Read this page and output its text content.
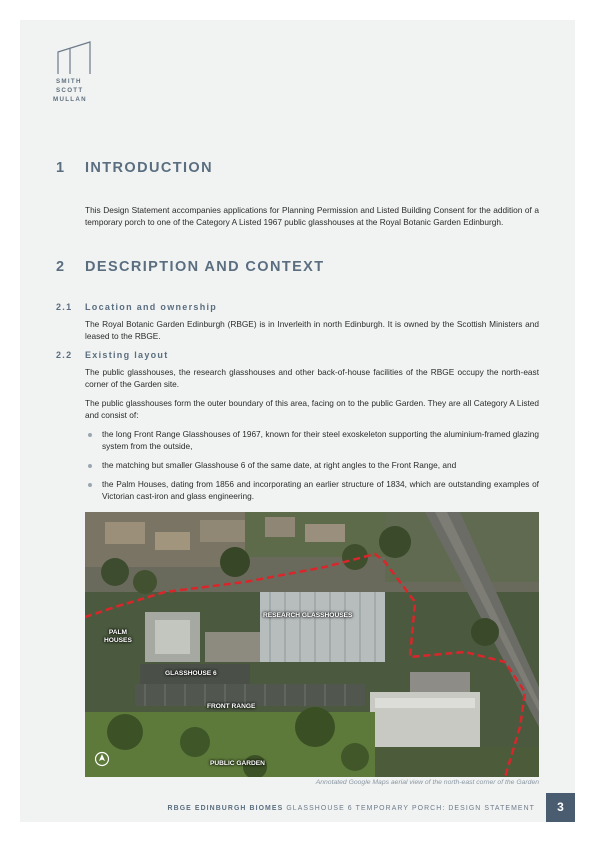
SMITH
SCOTT
MULLAN
1 INTRODUCTION
This Design Statement accompanies applications for Planning Permission and Listed Building Consent for the addition of a temporary porch to one of the Category A Listed 1967 public glasshouses at the Royal Botanic Garden Edinburgh.
2 DESCRIPTION AND CONTEXT
2.1 Location and ownership
The Royal Botanic Garden Edinburgh (RBGE) is in Inverleith in north Edinburgh. It is owned by the Scottish Ministers and leased to the RBGE.
2.2 Existing layout
The public glasshouses, the research glasshouses and other back-of-house facilities of the RBGE occupy the north-east corner of the Garden site.
The public glasshouses form the outer boundary of this area, facing on to the public Garden. They are all Category A Listed and consist of:
the long Front Range Glasshouses of 1967, known for their steel exoskeleton supporting the aluminium-framed glazing system from the outside,
the matching but smaller Glasshouse 6 of the same date, at right angles to the Front Range, and
the Palm Houses, dating from 1856 and incorporating an earlier structure of 1834, which are outstanding examples of Victorian cast-iron and glass engineering.
RESEARCH GLASSHOUSES
PALM
HOUSES
GLASSHOUSE 6
FRONT RANGE
PUBLIC GARDEN
Annotated Google Maps aerial view of the north-east corner of the Garden
RBGE EDINBURGH BIOMES GLASSHOUSE 6 TEMPORARY PORCH: DESIGN STATEMENT	3
